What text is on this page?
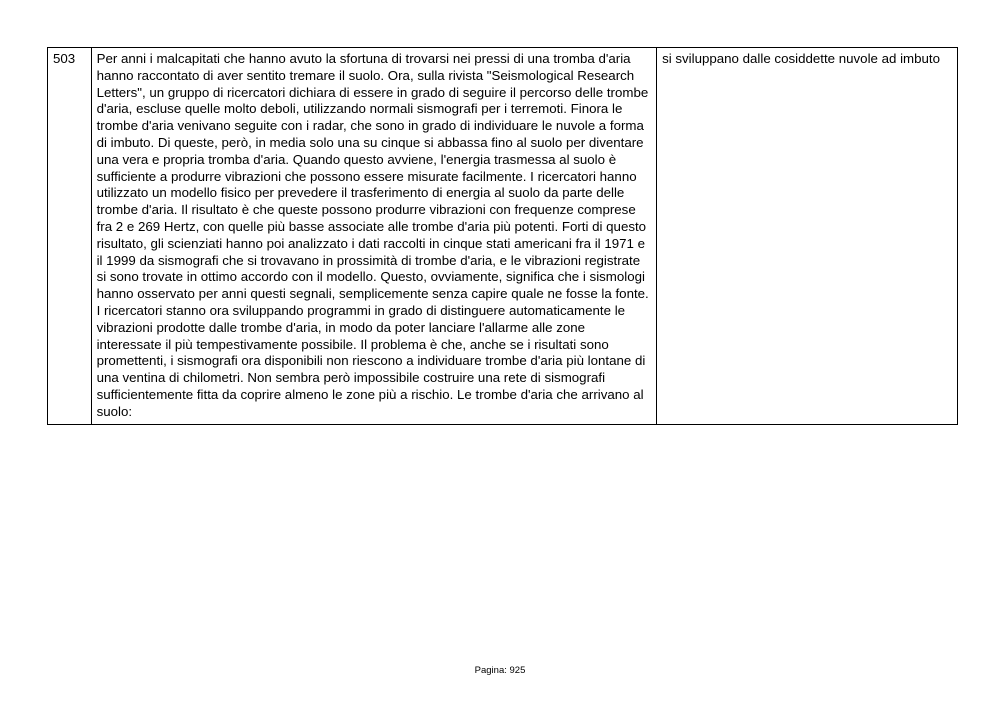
503	Per anni i malcapitati che hanno avuto la sfortuna di trovarsi nei pressi di una tromba d'aria hanno raccontato di aver sentito tremare il suolo. Ora, sulla rivista "Seismological Research Letters", un gruppo di ricercatori dichiara di essere in grado di seguire il percorso delle trombe d'aria, escluse quelle molto deboli, utilizzando normali sismografi per i terremoti. Finora le trombe d'aria venivano seguite con i radar, che sono in grado di individuare le nuvole a forma di imbuto. Di queste, però, in media solo una su cinque si abbassa fino al suolo per diventare una vera e propria tromba d'aria. Quando questo avviene, l'energia trasmessa al suolo è sufficiente a produrre vibrazioni che possono essere misurate facilmente. I ricercatori hanno utilizzato un modello fisico per prevedere il trasferimento di energia al suolo da parte delle trombe d'aria. Il risultato è che queste possono produrre vibrazioni con frequenze comprese fra 2 e 269 Hertz, con quelle più basse associate alle trombe d'aria più potenti. Forti di questo risultato, gli scienziati hanno poi analizzato i dati raccolti in cinque stati americani fra il 1971 e il 1999 da sismografi che si trovavano in prossimità di trombe d'aria, e le vibrazioni registrate si sono trovate in ottimo accordo con il modello. Questo, ovviamente, significa che i sismologi hanno osservato per anni questi segnali, semplicemente senza capire quale ne fosse la fonte. I ricercatori stanno ora sviluppando programmi in grado di distinguere automaticamente le vibrazioni prodotte dalle trombe d'aria, in modo da poter lanciare l'allarme alle zone interessate il più tempestivamente possibile. Il problema è che, anche se i risultati sono promettenti, i sismografi ora disponibili non riescono a individuare trombe d'aria più lontane di una ventina di chilometri. Non sembra però impossibile costruire una rete di sismografi sufficientemente fitta da coprire almeno le zone più a rischio. Le trombe d'aria che arrivano al suolo:	si sviluppano dalle cosiddette nuvole ad imbuto
Pagina: 925
